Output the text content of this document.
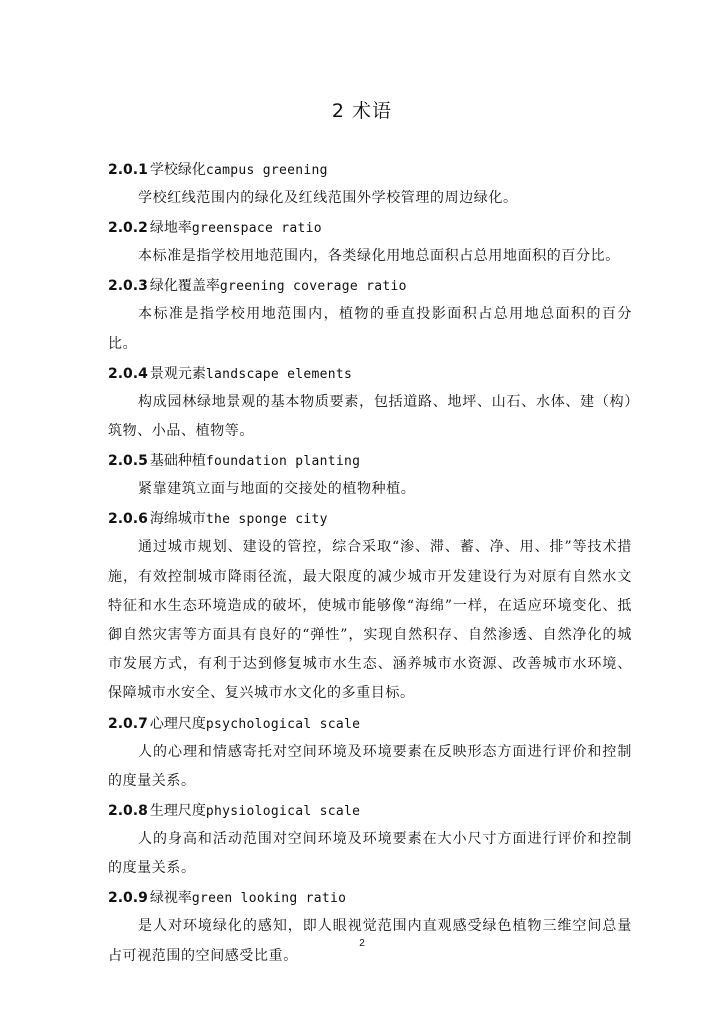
2 术语
2.0.1 学校绿化campus greening
学校红线范围内的绿化及红线范围外学校管理的周边绿化。
2.0.2 绿地率greenspace ratio
本标准是指学校用地范围内，各类绿化用地总面积占总用地面积的百分比。
2.0.3 绿化覆盖率greening coverage ratio
本标准是指学校用地范围内，植物的垂直投影面积占总用地总面积的百分比。
2.0.4 景观元素landscape elements
构成园林绿地景观的基本物质要素，包括道路、地坪、山石、水体、建（构）筑物、小品、植物等。
2.0.5 基础种植foundation planting
紧靠建筑立面与地面的交接处的植物种植。
2.0.6 海绵城市the sponge city
通过城市规划、建设的管控，综合采取“渗、滞、蓄、净、用、排”等技术措施，有效控制城市降雨径流，最大限度的减少城市开发建设行为对原有自然水文特征和水生态环境造成的破坏，使城市能够像“海绵”一样，在适应环境变化、抵御自然灾害等方面具有良好的“弹性”，实现自然积存、自然渗透、自然净化的城市发展方式，有利于达到修复城市水生态、涵养城市水资源、改善城市水环境、保障城市水安全、复兴城市水文化的多重目标。
2.0.7 心理尺度psychological scale
人的心理和情感寄托对空间环境及环境要素在反映形态方面进行评价和控制的度量关系。
2.0.8 生理尺度physiological scale
人的身高和活动范围对空间环境及环境要素在大小尺寸方面进行评价和控制的度量关系。
2.0.9 绿视率green looking ratio
是人对环境绿化的感知，即人眼视觉范围内直观感受绿色植物三维空间总量占可视范围的空间感受比重。
2
